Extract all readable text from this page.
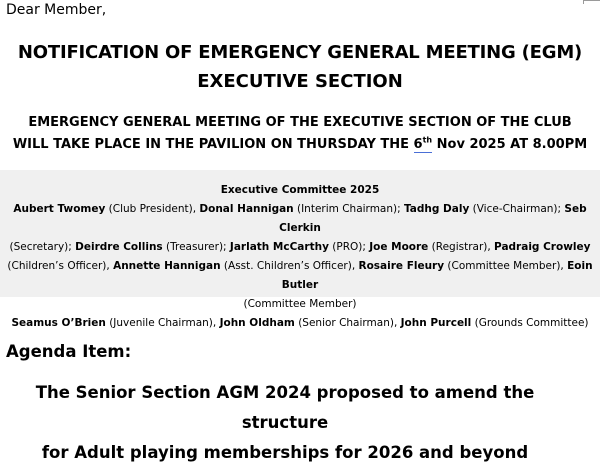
Dear Member,
NOTIFICATION OF EMERGENCY GENERAL MEETING (EGM)
EXECUTIVE SECTION
EMERGENCY GENERAL MEETING OF THE EXECUTIVE SECTION OF THE CLUB
WILL TAKE PLACE IN THE PAVILION ON THURSDAY THE 6th Nov 2025 AT 8.00PM
Executive Committee 2025
Aubert Twomey (Club President), Donal Hannigan (Interim Chairman); Tadhg Daly (Vice-Chairman); Seb Clerkin
(Secretary); Deirdre Collins (Treasurer); Jarlath McCarthy (PRO); Joe Moore (Registrar), Padraig Crowley
(Children’s Officer), Annette Hannigan (Asst. Children’s Officer), Rosaire Fleury (Committee Member), Eoin Butler
(Committee Member)
Seamus O’Brien (Juvenile Chairman), John Oldham (Senior Chairman), John Purcell (Grounds Committee)
Agenda Item:
The Senior Section AGM 2024 proposed to amend the structure
for Adult playing memberships for 2026 and beyond
